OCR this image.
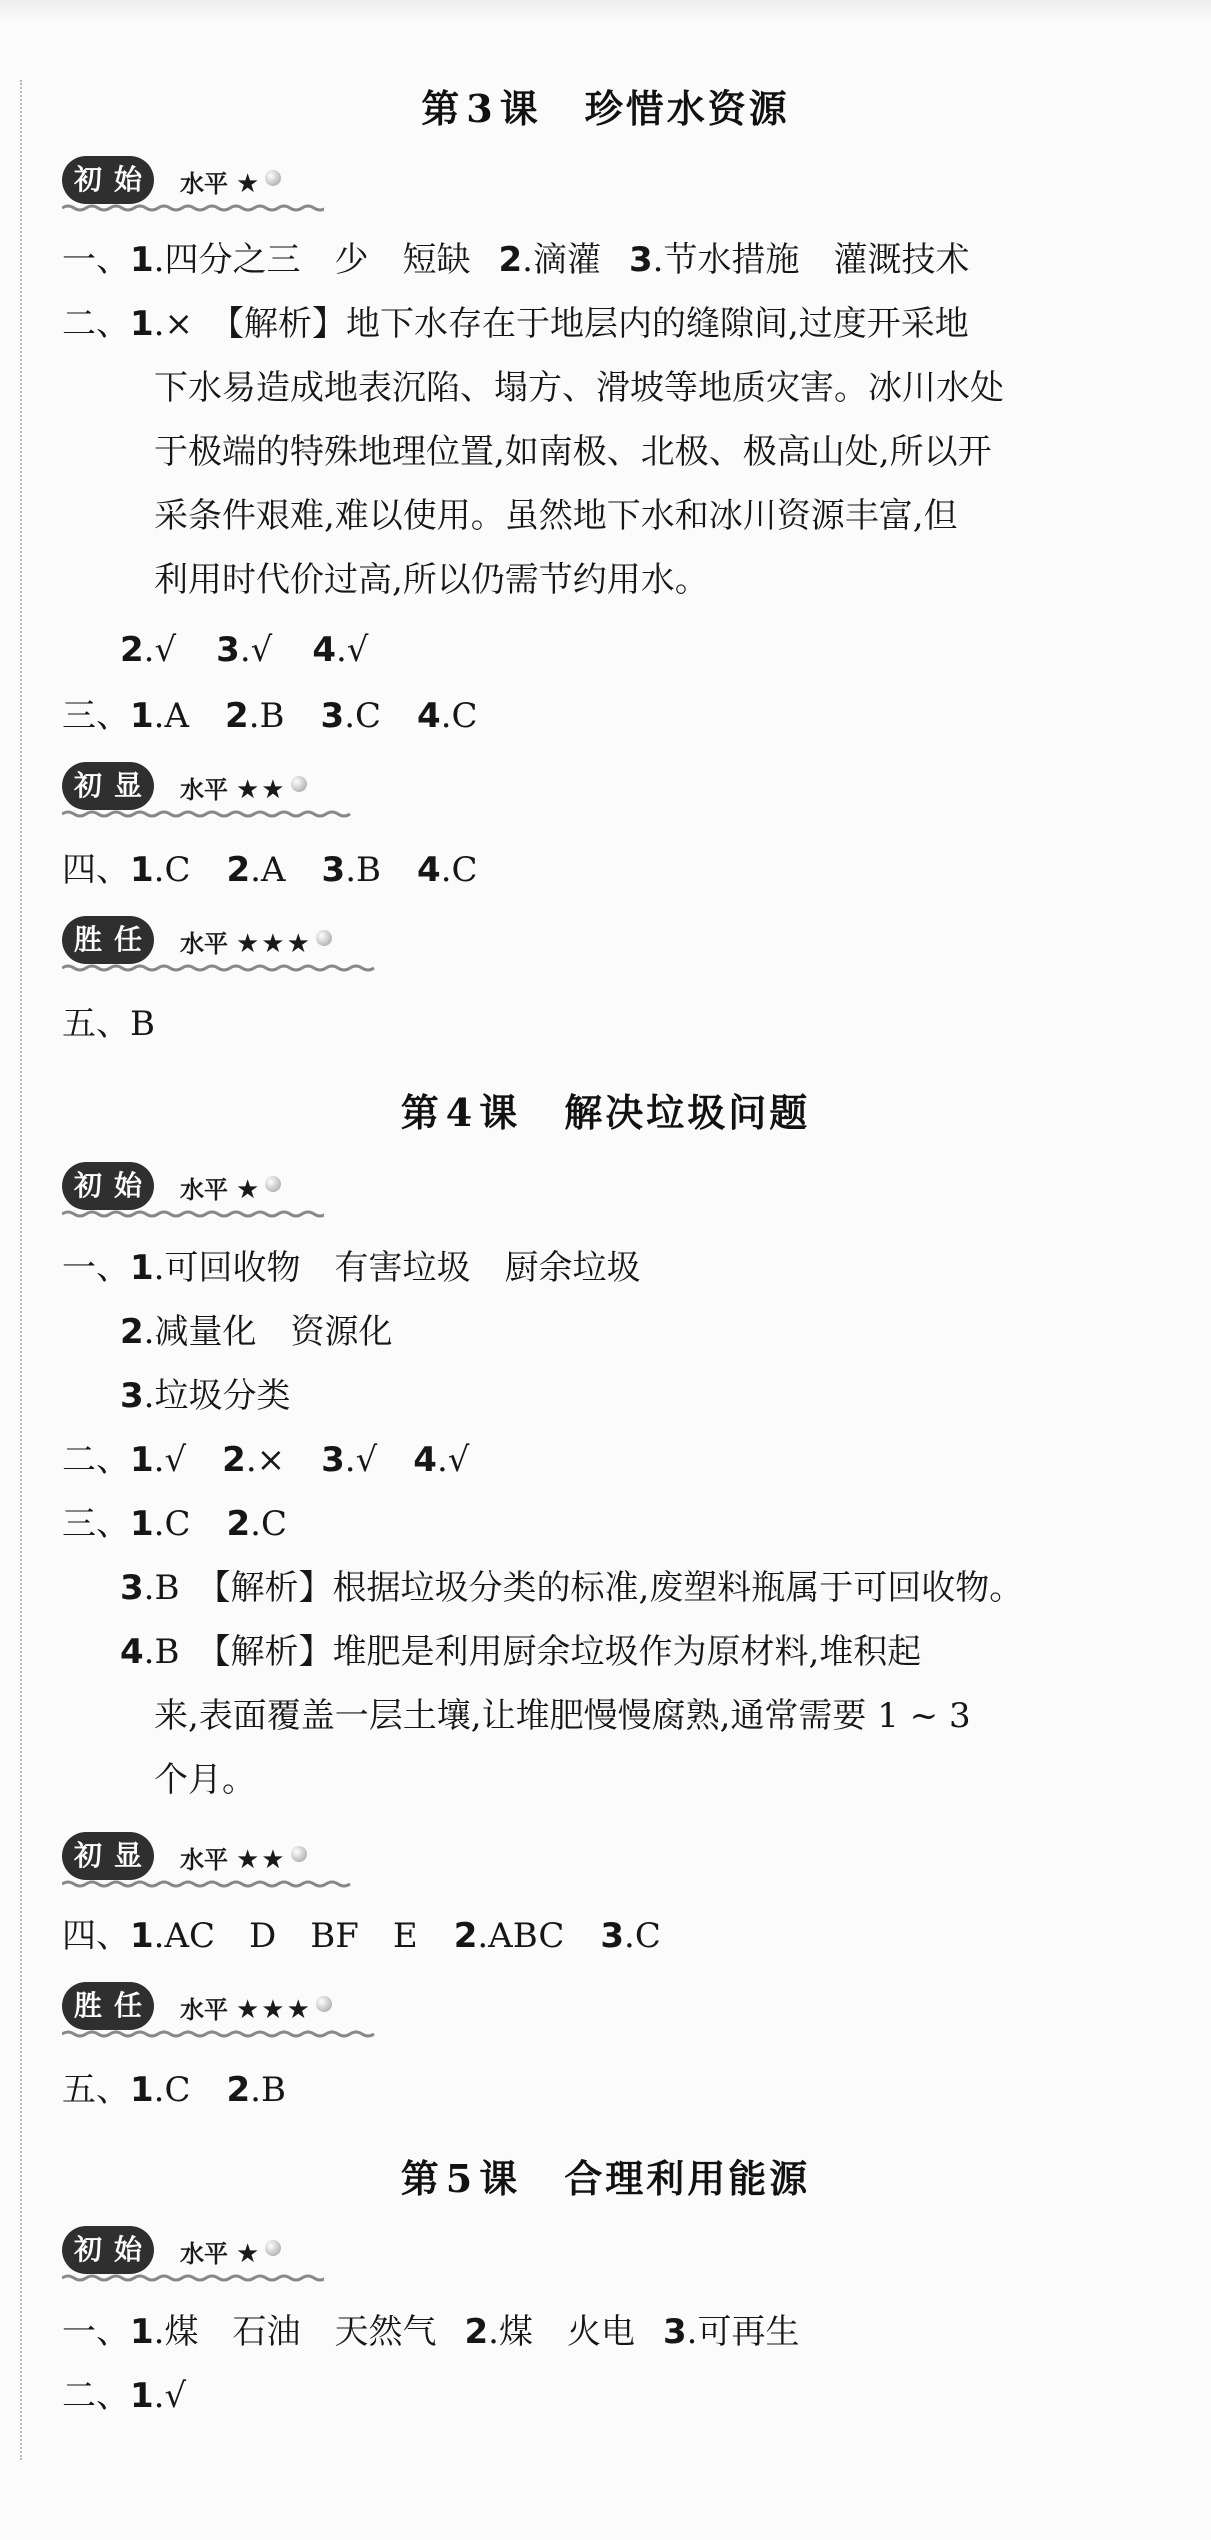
第 3 课 珍惜水资源
初 始 水平 ★
一、1.四分之三　少　短缺 2.滴灌 3.节水措施　灌溉技术
二、1.×　【解析】地下水存在于地层内的缝隙间,过度开采地
下水易造成地表沉陷、塌方、滑坡等地质灾害。冰川水处
于极端的特殊地理位置,如南极、北极、极高山处,所以开
采条件艰难,难以使用。虽然地下水和冰川资源丰富,但
利用时代价过高,所以仍需节约用水。
2.√ 3.√ 4.√
三、1.A 2.B 3.C 4.C
初 显 水平 ★★
四、1.C 2.A 3.B 4.C
胜 任 水平 ★★★
五、B
第 4 课 解决垃圾问题
初 始 水平 ★
一、1.可回收物　有害垃圾　厨余垃圾
2.减量化　资源化
3.垃圾分类
二、1.√ 2.× 3.√ 4.√
三、1.C 2.C
3.B　【解析】根据垃圾分类的标准,废塑料瓶属于可回收物。
4.B　【解析】堆肥是利用厨余垃圾作为原材料,堆积起
来,表面覆盖一层土壤,让堆肥慢慢腐熟,通常需要 1 ~ 3
个月。
初 显 水平 ★★
四、1.AC　D　BF　E 2.ABC 3.C
胜 任 水平 ★★★
五、1.C 2.B
第 5 课 合理利用能源
初 始 水平 ★
一、1.煤　石油　天然气 2.煤　火电 3.可再生
二、1.√
